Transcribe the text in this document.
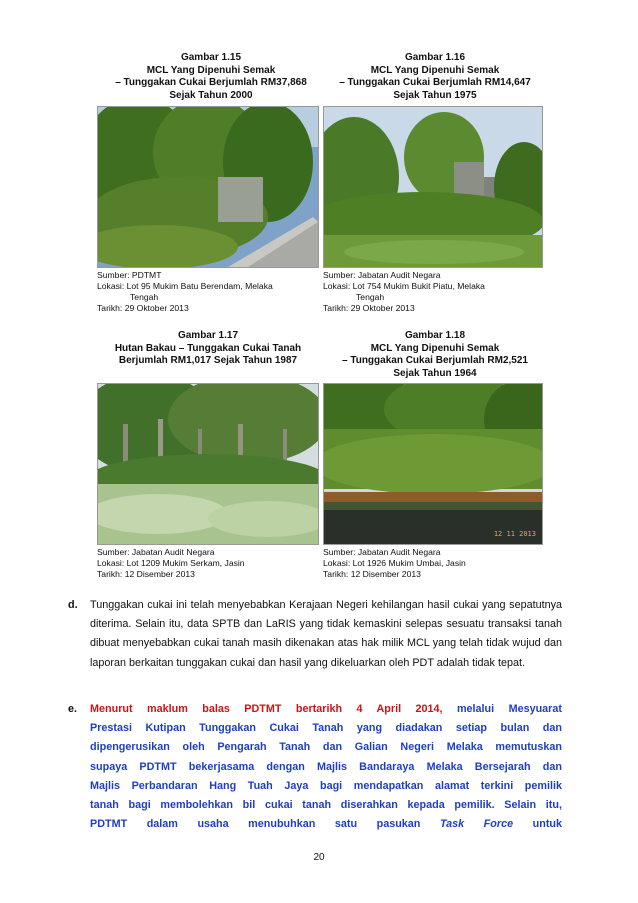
Gambar 1.15
MCL Yang Dipenuhi Semak
– Tunggakan Cukai Berjumlah RM37,868
Sejak Tahun 2000
Sumber: PDTMT
Lokasi: Lot 95 Mukim Batu Berendam, Melaka
Tengah
Tarikh: 29 Oktober 2013
Gambar 1.16
MCL Yang Dipenuhi Semak
– Tunggakan Cukai Berjumlah RM14,647
Sejak Tahun 1975
Sumber: Jabatan Audit Negara
Lokasi: Lot 754 Mukim Bukit Piatu, Melaka
Tengah
Tarikh: 29 Oktober 2013
Gambar 1.17
Hutan Bakau – Tunggakan Cukai Tanah
Berjumlah RM1,017 Sejak Tahun 1987
Sumber: Jabatan Audit Negara
Lokasi: Lot 1209 Mukim Serkam, Jasin
Tarikh: 12 Disember 2013
Gambar 1.18
MCL Yang Dipenuhi Semak
– Tunggakan Cukai Berjumlah RM2,521
Sejak Tahun 1964
12 11 2013
Sumber: Jabatan Audit Negara
Lokasi: Lot 1926 Mukim Umbai, Jasin
Tarikh: 12 Disember 2013
d. Tunggakan cukai ini telah menyebabkan Kerajaan Negeri kehilangan hasil cukai yang sepatutnya diterima. Selain itu, data SPTB dan LaRIS yang tidak kemaskini selepas sesuatu transaksi tanah dibuat menyebabkan cukai tanah masih dikenakan atas hak milik MCL yang telah tidak wujud dan laporan berkaitan tunggakan cukai dan hasil yang dikeluarkan oleh PDT adalah tidak tepat.
e. Menurut maklum balas PDTMT bertarikh 4 April 2014, melalui Mesyuarat
Prestasi Kutipan Tunggakan Cukai Tanah yang diadakan setiap bulan dan
dipengerusikan oleh Pengarah Tanah dan Galian Negeri Melaka memutuskan
supaya PDTMT bekerjasama dengan Majlis Bandaraya Melaka Bersejarah dan
Majlis Perbandaran Hang Tuah Jaya bagi mendapatkan alamat terkini pemilik
tanah bagi membolehkan bil cukai tanah diserahkan kepada pemilik. Selain itu,
PDTMT dalam usaha menubuhkan satu pasukan Task Force untuk
20
